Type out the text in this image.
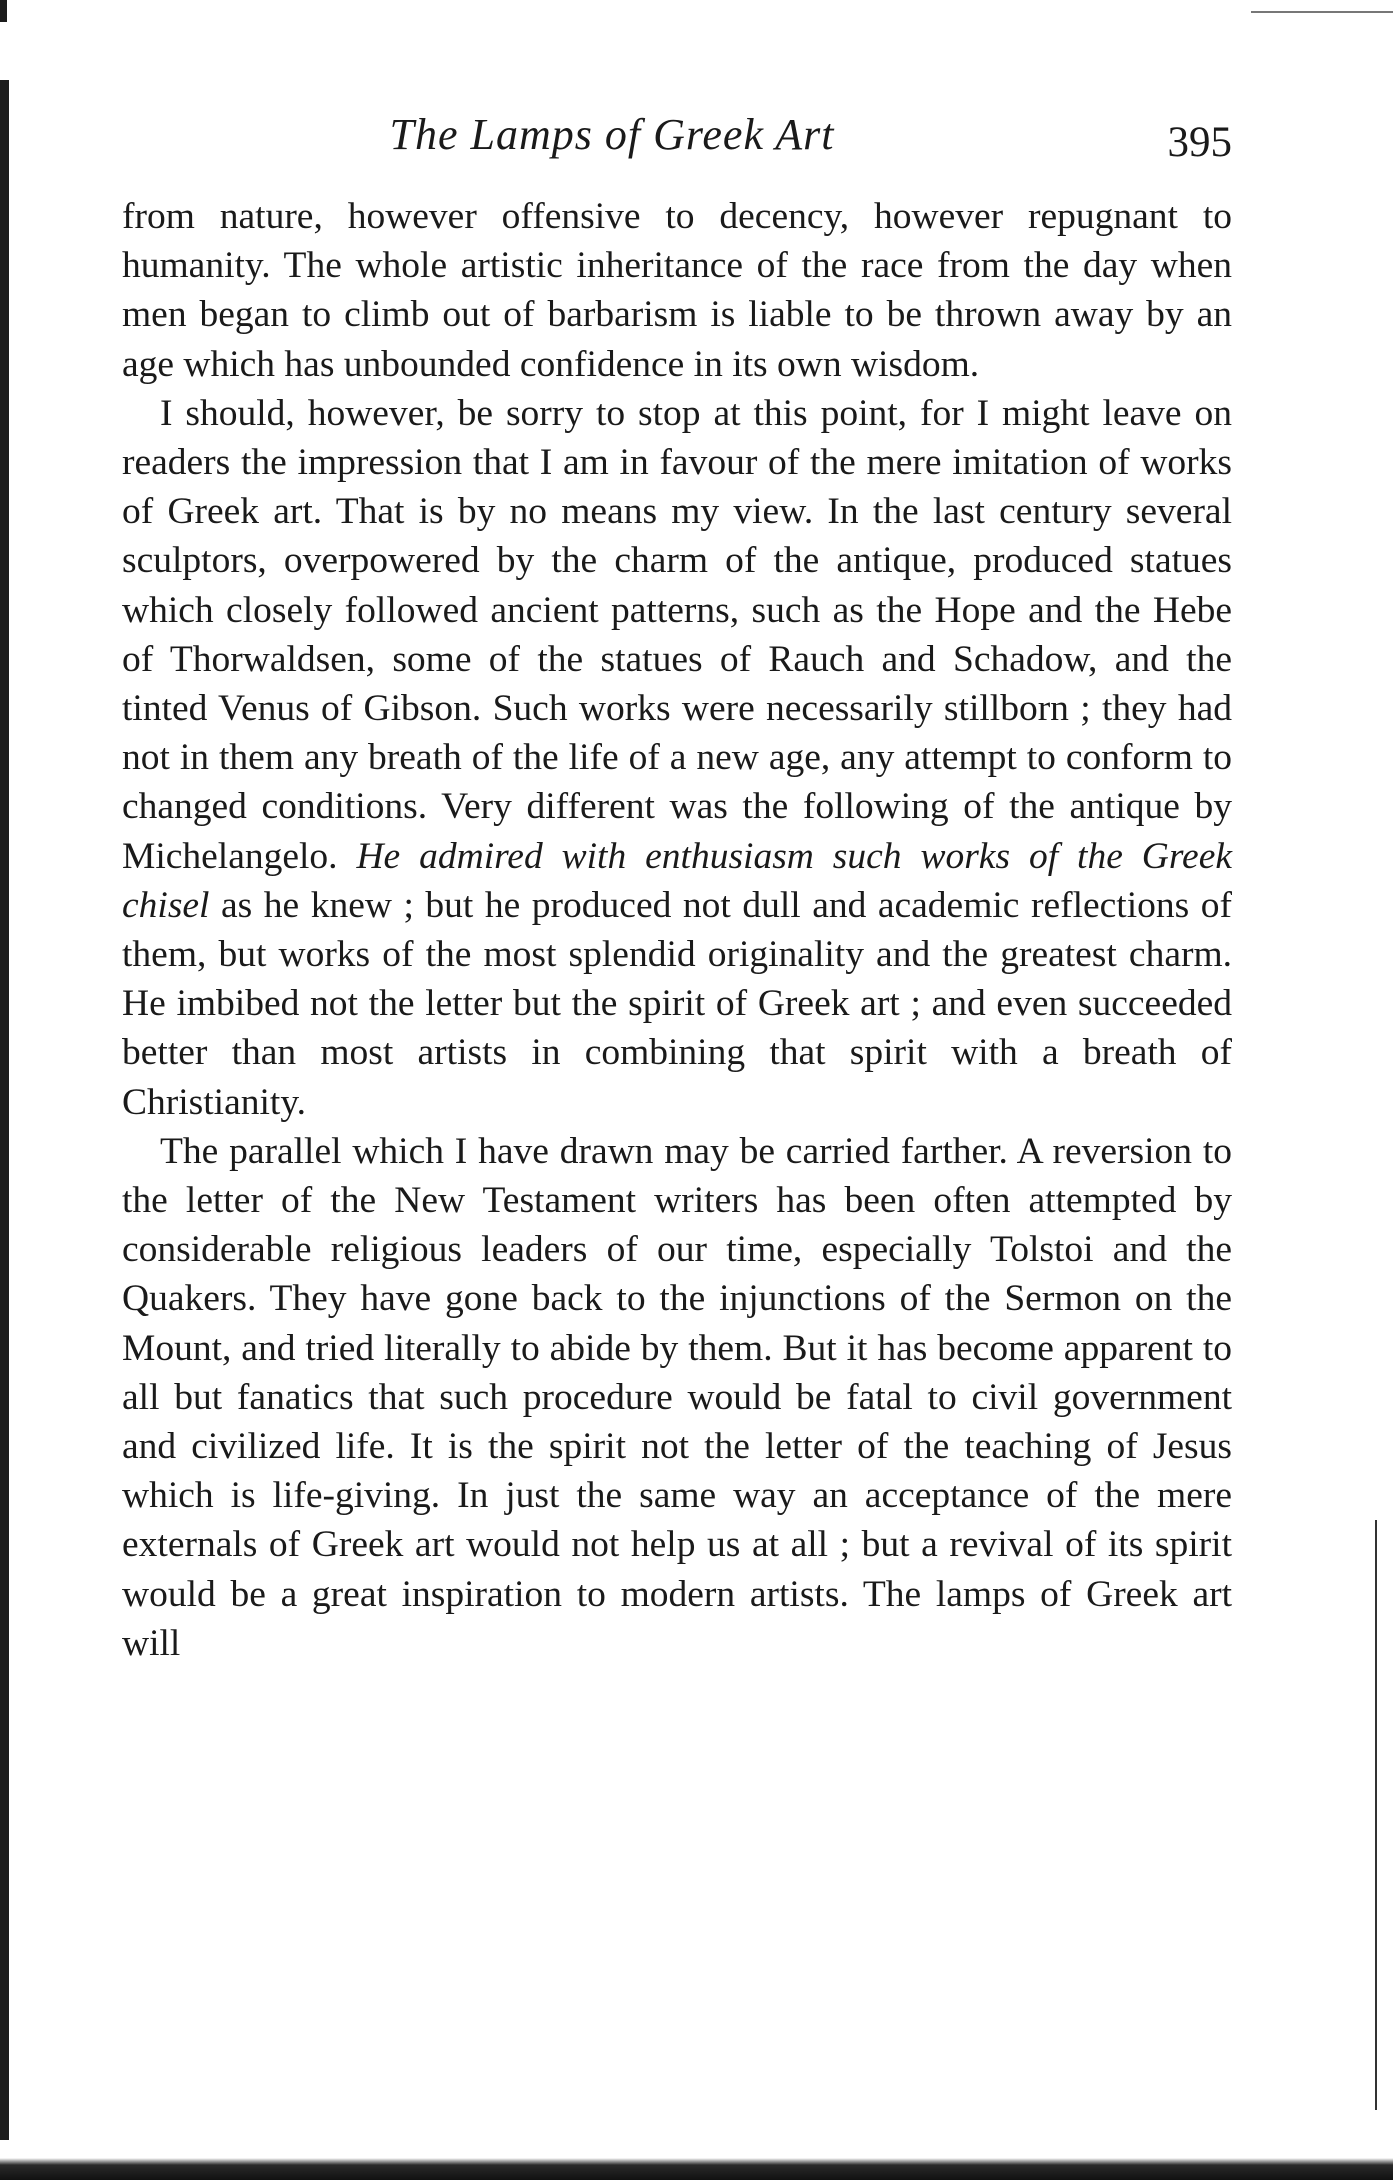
The Lamps of Greek Art	395

from nature, however offensive to decency, however repugnant to humanity. The whole artistic inheritance of the race from the day when men began to climb out of barbarism is liable to be thrown away by an age which has unbounded confidence in its own wisdom.

I should, however, be sorry to stop at this point, for I might leave on readers the impression that I am in favour of the mere imitation of works of Greek art. That is by no means my view. In the last century several sculptors, overpowered by the charm of the antique, produced statues which closely followed ancient patterns, such as the Hope and the Hebe of Thorwaldsen, some of the statues of Rauch and Schadow, and the tinted Venus of Gibson. Such works were necessarily stillborn ; they had not in them any breath of the life of a new age, any attempt to conform to changed conditions. Very different was the following of the antique by Michelangelo. He admired with enthusiasm such works of the Greek chisel as he knew ; but he produced not dull and academic reflections of them, but works of the most splendid originality and the greatest charm. He imbibed not the letter but the spirit of Greek art ; and even succeeded better than most artists in combining that spirit with a breath of Christianity.

The parallel which I have drawn may be carried farther. A reversion to the letter of the New Testament writers has been often attempted by considerable religious leaders of our time, especially Tolstoi and the Quakers. They have gone back to the injunctions of the Sermon on the Mount, and tried literally to abide by them. But it has become apparent to all but fanatics that such procedure would be fatal to civil government and civilized life. It is the spirit not the letter of the teaching of Jesus which is life-giving. In just the same way an acceptance of the mere externals of Greek art would not help us at all ; but a revival of its spirit would be a great inspiration to modern artists. The lamps of Greek art will
